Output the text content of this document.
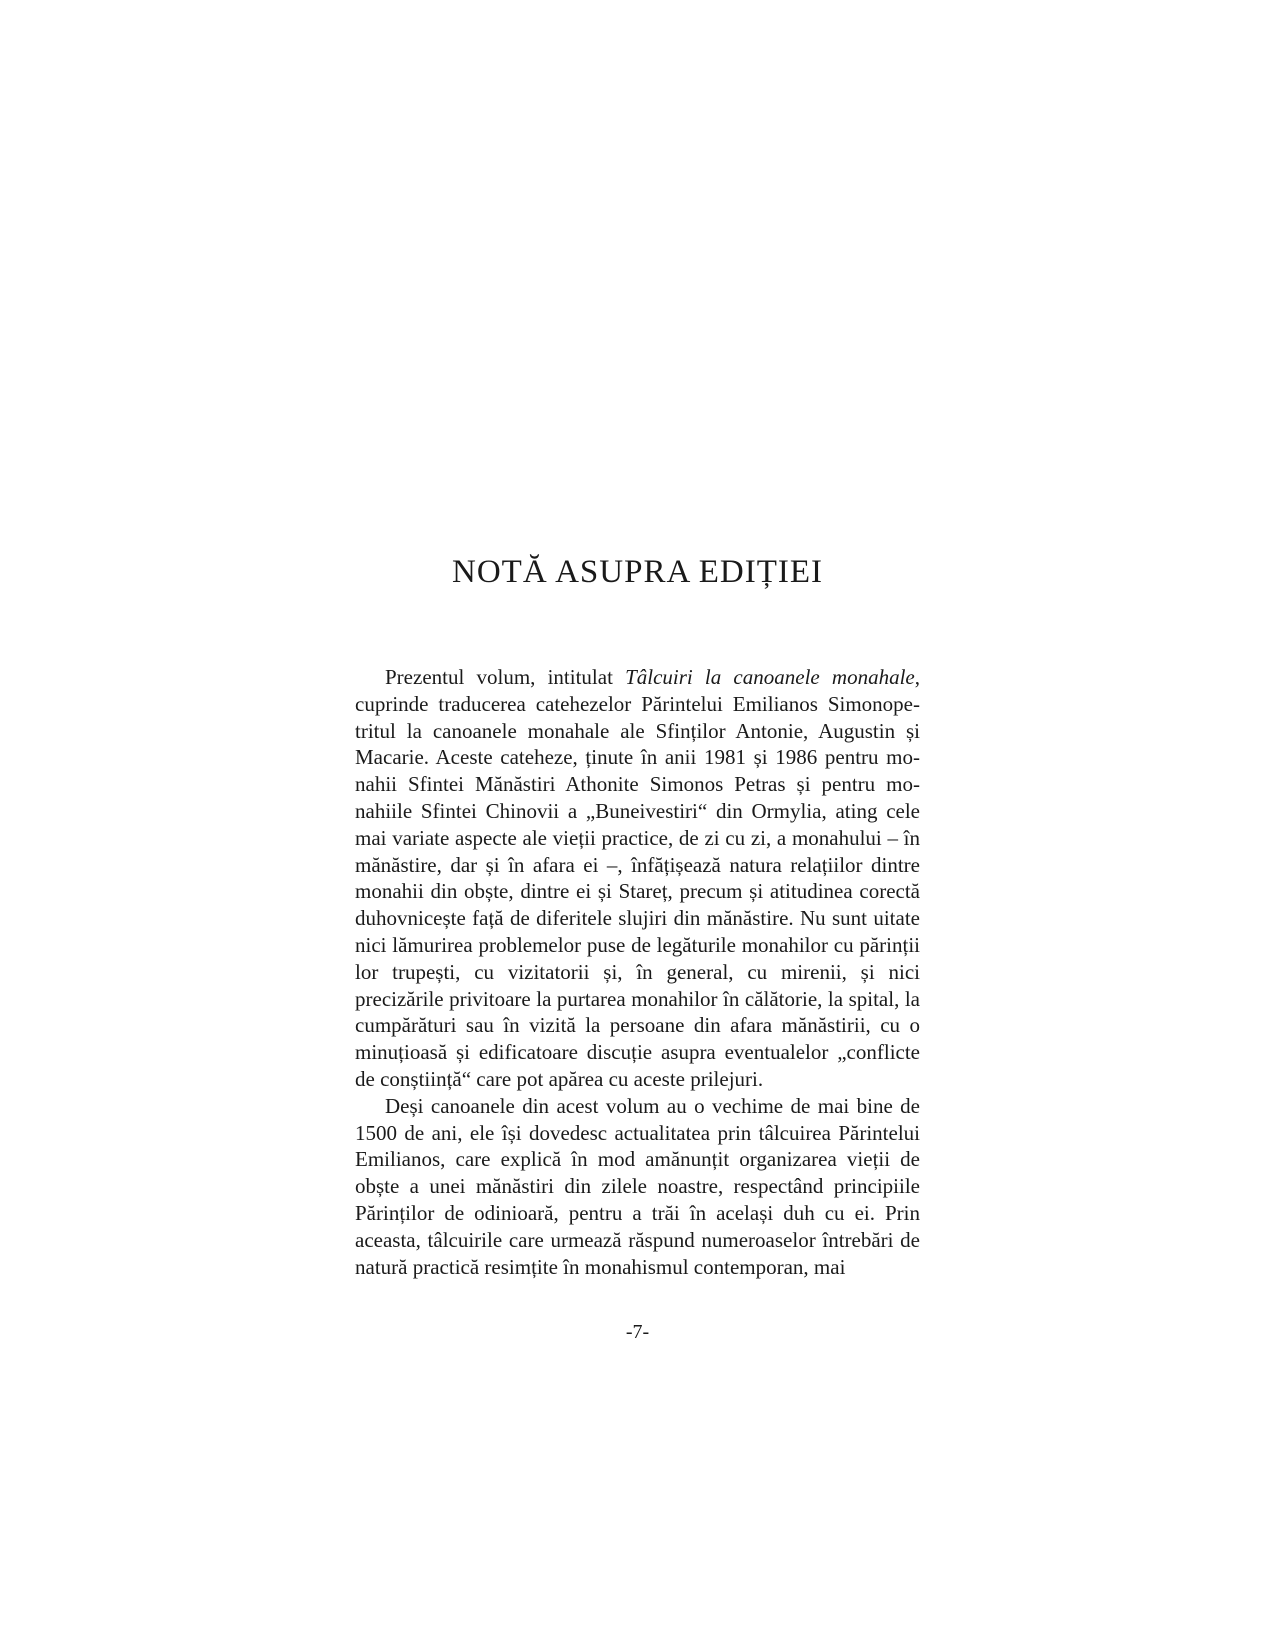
NOTĂ ASUPRA EDIȚIEI

Prezentul volum, intitulat Tâlcuiri la canoanele monahale, cuprinde traducerea catehezelor Părintelui Emilianos Simonopetritul la canoanele monahale ale Sfinților Antonie, Augustin și Macarie. Aceste cateheze, ținute în anii 1981 și 1986 pentru monahii Sfintei Mănăstiri Athonite Simonos Petras și pentru monahiile Sfintei Chinovii a „Buneivestiri“ din Ormylia, ating cele mai variate aspecte ale vieții practice, de zi cu zi, a monahului – în mănăstire, dar și în afara ei –, înfățișează natura relațiilor dintre monahii din obște, dintre ei și Stareț, precum și atitudinea corectă duhovnicește față de diferitele slujiri din mănăstire. Nu sunt uitate nici lămurirea problemelor puse de legăturile monahilor cu părinții lor trupești, cu vizitatorii și, în general, cu mirenii, și nici precizările privitoare la purtarea monahilor în călătorie, la spital, la cumpărături sau în vizită la persoane din afara mănăstirii, cu o minuțioasă și edificatoare discuție asupra eventualelor „conflicte de conștiință“ care pot apărea cu aceste prilejuri.

Deși canoanele din acest volum au o vechime de mai bine de 1500 de ani, ele își dovedesc actualitatea prin tâlcuirea Părintelui Emilianos, care explică în mod amănunțit organizarea vieții de obște a unei mănăstiri din zilele noastre, respectând principiile Părinților de odinioară, pentru a trăi în același duh cu ei. Prin aceasta, tâlcuirile care urmează răspund numeroaselor întrebări de natură practică resimțite în monahismul contemporan, mai

-7-
